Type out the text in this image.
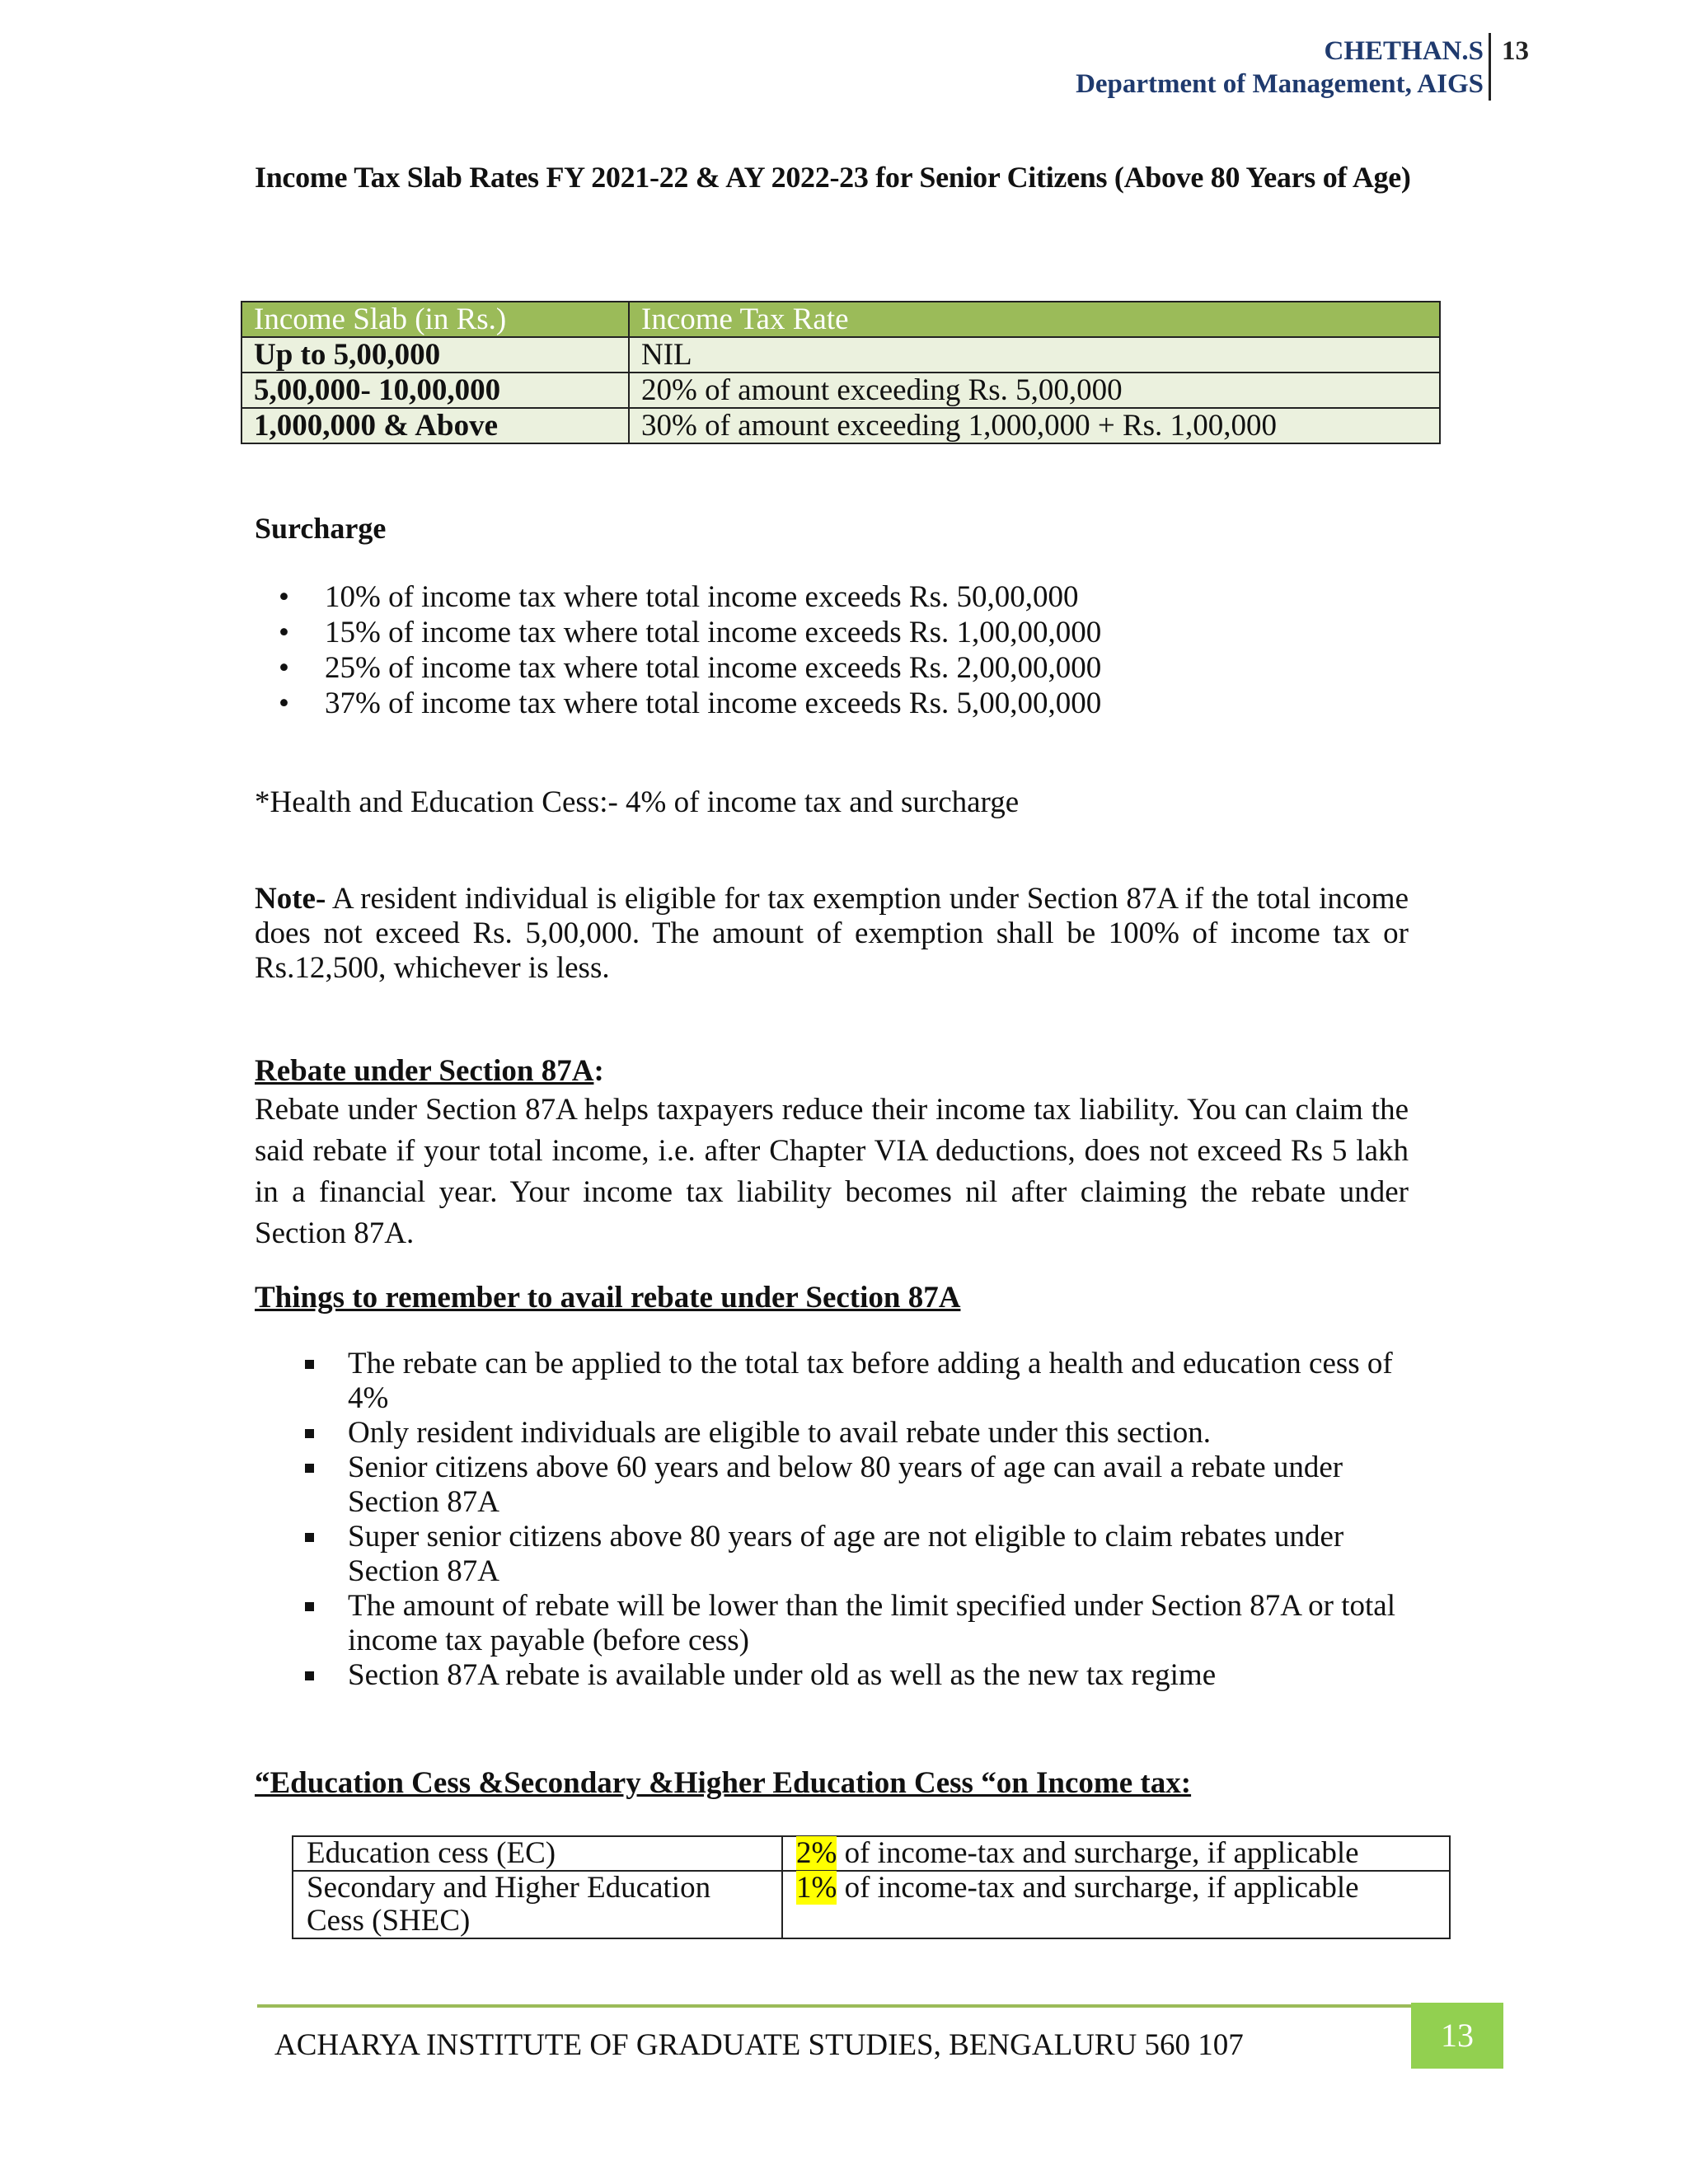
CHETHAN.S
Department of Management, AIGS
13
Income Tax Slab Rates FY 2021-22 & AY 2022-23 for Senior Citizens (Above 80 Years of Age)
Income Slab (in Rs.)	Income Tax Rate
Up to 5,00,000	NIL
5,00,000- 10,00,000	20% of amount exceeding Rs. 5,00,000
1,000,000 & Above	30% of amount exceeding 1,000,000 + Rs. 1,00,000
Surcharge
• 10% of income tax where total income exceeds Rs. 50,00,000
• 15% of income tax where total income exceeds Rs. 1,00,00,000
• 25% of income tax where total income exceeds Rs. 2,00,00,000
• 37% of income tax where total income exceeds Rs. 5,00,00,000
*Health and Education Cess:- 4% of income tax and surcharge
Note- A resident individual is eligible for tax exemption under Section 87A if the total income does not exceed Rs. 5,00,000. The amount of exemption shall be 100% of income tax or Rs.12,500, whichever is less.
Rebate under Section 87A:
Rebate under Section 87A helps taxpayers reduce their income tax liability. You can claim the said rebate if your total income, i.e. after Chapter VIA deductions, does not exceed Rs 5 lakh in a financial year. Your income tax liability becomes nil after claiming the rebate under Section 87A.
Things to remember to avail rebate under Section 87A
The rebate can be applied to the total tax before adding a health and education cess of 4%
Only resident individuals are eligible to avail rebate under this section.
Senior citizens above 60 years and below 80 years of age can avail a rebate under Section 87A
Super senior citizens above 80 years of age are not eligible to claim rebates under Section 87A
The amount of rebate will be lower than the limit specified under Section 87A or total income tax payable (before cess)
Section 87A rebate is available under old as well as the new tax regime
“Education Cess &Secondary &Higher Education Cess “on Income tax:
Education cess (EC)	2% of income-tax and surcharge, if applicable
Secondary and Higher Education Cess (SHEC)	1% of income-tax and surcharge, if applicable
ACHARYA INSTITUTE OF GRADUATE STUDIES, BENGALURU 560 107	13
